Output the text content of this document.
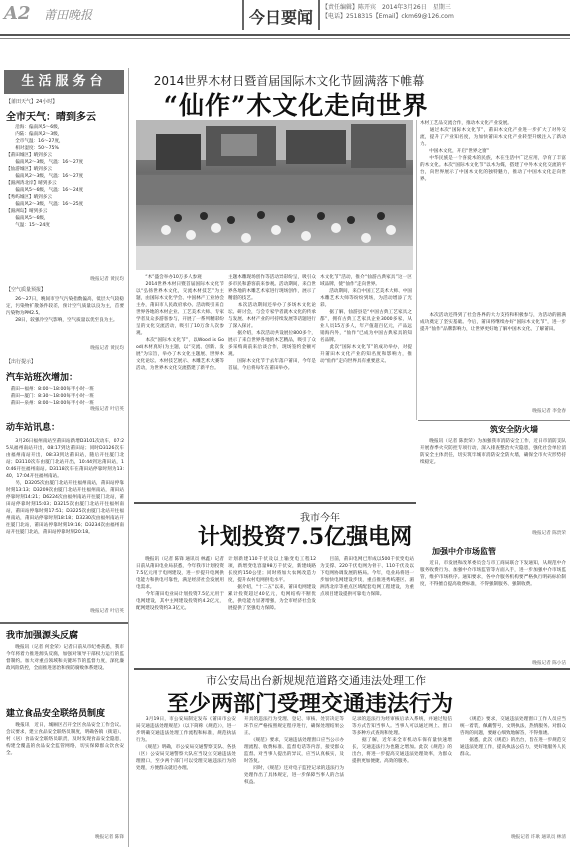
A2 莆田晚报	今日要闻
【责任编辑】陈开宾　2014年3月26日　星期三
【电话】2518315【Email】ckm69@126.com
生活服务台
【莆田天气】24小时】
全市天气：晴到多云
　　沿海：偏南风5～6级，
　　内陆：偏南风2～3级，
　　全市气温：16～27度，
　　相对湿度：50～75%
【莆田城区】晴到多云
　　偏南风2～3级，气温：16～27度
【仙游城区】晴到多云
　　偏南风2～3级，气温：16～27度
【湄洲湾北岸】晴到多云
　　偏南风5～6级，气温：16～24度
【秀屿城区】晴到多云
　　偏南风2～3级，气温：16～25度
【湄洲岛】晴到多云
　　偏南风5～6级，
　　气温：15～24度
晚报记者 黄民均
【空气质量预报】
　　26～27日，晚间市空气污染指数偏高，低层大气较稳定，污染物扩散条件较差，预计空气质量以良为主，首要污染物为PM2.5。
　　28日，较强冷空气影响，空气质量以优至良为主。
晚报记者 黄民均
【出行提示】
汽车站班次增加：
　莆田—福州：8:00～18:00每半小时一班
　莆田—厦门：8:30～18:00每半小时一班
　莆田—泉州：8:00～18:00每半小时一班
晚报记者 叶启英
动车站讯息：
　　3月26日福州南站至莆田站新增D3101次动车，07:25从福州南站开出，08:17到达莆田站；同时D3126次车由福州南站开出，08:33到达莆田站，随后开往厦门北站；D3110次车由厦门北站开出，10:44到达莆田站，10:46开往福州南站。D3118次车在莆田站停靠时刻为13:40，17:04开往福州南站。
　　另，D3205次由厦门北站开往福州南站，莆田站停靠时刻13:13；D3209次由厦门北站开往福州南站，莆田站停靠时刻14:21；D6224次由福州南站开往厦门北站，莆田站停靠时刻15:03；D3215次由厦门北站开往福州南站，莆田站停靠时刻17:51；D3225次由厦门北站开往福州南站，莆田站停靠时刻18:18；D3230次由福州南站开往厦门北站，莆田站停靠时刻19:16；D3234次由福州南站开往厦门北站，莆田站停靠时刻20:18。
晚报记者 叶启英
我市加强源头反腐
　　晚报讯（记者 何金荣）记者日前从市纪委获悉，我市今年将着力推进源头反腐，加强对领导干部权力运行的监督制约。加大对重点领域和关键环节的监督力度，深化廉政风险防控，全面推进惩治和预防腐败体系建设。
建立食品安全联络员制度
　　晚报讯　近日，城厢区召开全区食品安全工作会议。会议要求，建立食品安全联络员制度，明确各镇（街道）、村（居）食品安全联络员职责，及时发现食品安全隐患，构建全覆盖的食品安全监管网络，切实保障群众饮食安全。
晚报记者 陈锋
2014世界木材日暨首届国际木文化节圆满落下帷幕
“仙作”木文化走向世界
　　“木”盛会举办10万多人参观
　　2014世界木材日暨首届国际木文化节以“弘扬世界木文化，交流木材技艺”为主题，由国际木文化学会、中国林产工业协会主办，莆田市人民政府承办。活动吸引来自世界各地的木材企业、工艺美术大师、专家学者及众多游客参与，开展了一系列精彩纷呈的文化交流活动，吸引了10万余人次参观。
　　本次“国际木文化节”，以Wood is Good(木材真好)为主题，以“交流、创新、发展”为宗旨，举办了木文化主题展、世界木文化论坛、木材技艺展示、木雕艺术大赛等活动，为世界木文化交流搭建了新平台。
主题木雕现场创作等活动异彩纷呈，吸引众多市民和游客前来参观。活动期间，来自世界各地的木雕艺术家进行现场创作，展示了精湛的技艺。
　　本次活动期间还举办了多场木文化论坛、研讨会，与会专家学者就木文化的传承与发展、木材产业的可持续发展等话题进行了深入探讨。
　　据介绍，本次活动共设展位800多个，展示了来自世界各地的木艺精品，吸引了众多采购商前来洽谈合作，现场签约金额可观。
　　国际木文化节于去年落户莆田，今年是首届，今后将每年在莆田举办。
木文化节”活动，推介“仙游古典家具”这一区域品牌，使“仙作”走向世界。
　　活动期间，来自中国工艺美术大师、中国木雕艺术大师等纷纷到场，为活动增添了光彩。
　　据了解，仙游县是“中国古典工艺家具之都”，拥有古典工艺家具企业3000多家，从业人员15万多人，年产值超百亿元，产品远销海内外，“仙作”已成为中国古典家具的知名品牌。
　　此次“国际木文化节”的成功举办，对提升莆田木文化产业的知名度和影响力，推动“仙作”走向世界具有重要意义。
木材工艺品交流合作，推动木文化产业发展。
　　通过本次“国际木文化节”，莆田木文化产业进一步扩大了对外交流，提升了产业知名度，为加快莆田木文化产业转型升级注入了新动力。
　　中国木文化，开启“世界之窗”
　　中华民族是一个喜爱木的民族，木在生活中广泛应用，孕育了丰富的木文化。本次“国际木文化节”以木为媒，搭建了中外木文化交流的平台，向世界展示了中国木文化的独特魅力，推动了中国木文化走向世界。
　　本次活动还得到了社会各界的大力支持和积极参与，为活动的圆满成功奠定了坚实基础。今后，莆田将继续办好“国际木文化节”，进一步提升“仙作”品牌影响力，让世界更好地了解中国木文化、了解莆田。
晚报记者 李金春
筑安全防火墙
　　晚报讯（记者 陈贵荣）为加强我市消防安全工作，近日市消防支队开展春季火灾防控专项行动，深入排查整治火灾隐患，强化社会单位消防安全主体责任，切实筑牢城市消防安全防火墙，确保全市火灾形势持续稳定。
晚报记者 陈贵荣
加强中介市场监管
　　近日，市发展和改革委员会与市工商局联合下发通知，从规范中介服务收费行为、加强中介市场监管等方面入手，进一步加强中介市场监管，维护市场秩序。通知要求，各中介服务机构要严格执行明码标价制度，不得擅自提高收费标准，不得强制服务、强制收费。
晚报记者 陈小洁
我市今年
计划投资7.5亿强电网
　　晚报讯（记者 陈锋 通讯员 林鑫）记者日前从莆田电业局获悉，今年我市计划投资7.5亿元用于电网建设，进一步提升电网供电能力和供电可靠性，满足经济社会发展用电需求。
　　今年莆田电业局计划投资7.5亿元用于电网建设，其中主网建设投资约4.2亿元，配网建设投资约3.3亿元。
计划新建110千伏及以上输变电工程12项，新增变电容量98万千伏安，新建线路长度约150公里；同时将加大农网改造力度，提升农村电网供电水平。
　　据介绍，“十二五”以来，莆田电网建设累计投资超过40亿元，电网结构不断优化，供电能力显著增强，为全市经济社会发展提供了坚强电力保障。
　　目前，莆田电网已形成以500千伏变电站为支撑、220千伏电网为骨干、110千伏及以下电网协调发展的格局。今年，电业局将进一步加快电网建设步伐，重点推进秀屿港区、湄洲湾北岸等重点区域配套电网工程建设，为重点项目建设提供可靠电力保障。
市公安局出台新规规范道路交通违法处理工作
至少两部门受理交通违法行为
　　3月19日，市公安局制定发布《莆田市公安局交通违法处理规范》（以下简称《规范》），进一步明确交通违法处理工作流程和标准，规范执法行为。
　　《规范》明确，市公安局交通警察支队、各县（区）公安局交通警察大队应当设立交通违法处理窗口，至少两个部门可以受理交通违法行为的处理，方便群众就近办理。
开具的违法行为受理、登记、审核、处罚决定等环节应严格按照规定程序进行，确保处理结果公正。
　　《规范》要求，交通违法处理窗口应当公示办理流程、收费标准、监督电话等内容，接受群众监督。对当事人提出的异议，应当认真核实，及时答复。
　　同时，《规范》还对电子监控记录的违法行为处理作出了具体规定，进一步保障当事人的合法权益。
记录的违法行为经审核后录入系统，并通过短信等方式告知当事人。当事人可以通过网上、窗口等多种方式查询和处理。
　　据了解，近年来全市机动车保有量快速增长，交通违法行为也随之增加。此次《规范》的出台，将进一步提高交通违法处理效率，为群众提供更加便捷、高效的服务。
　　《规范》要求，交通违法处理窗口工作人员应当统一着装，佩戴警号，文明执法，热情服务。对群众咨询的问题，要耐心细致地解答，不得推诿。
　　据悉，此次《规范》的出台，旨在进一步规范交通违法处理工作，提高执法公信力，更好地服务人民群众。
晚报记者 许耿 通讯员 林清
